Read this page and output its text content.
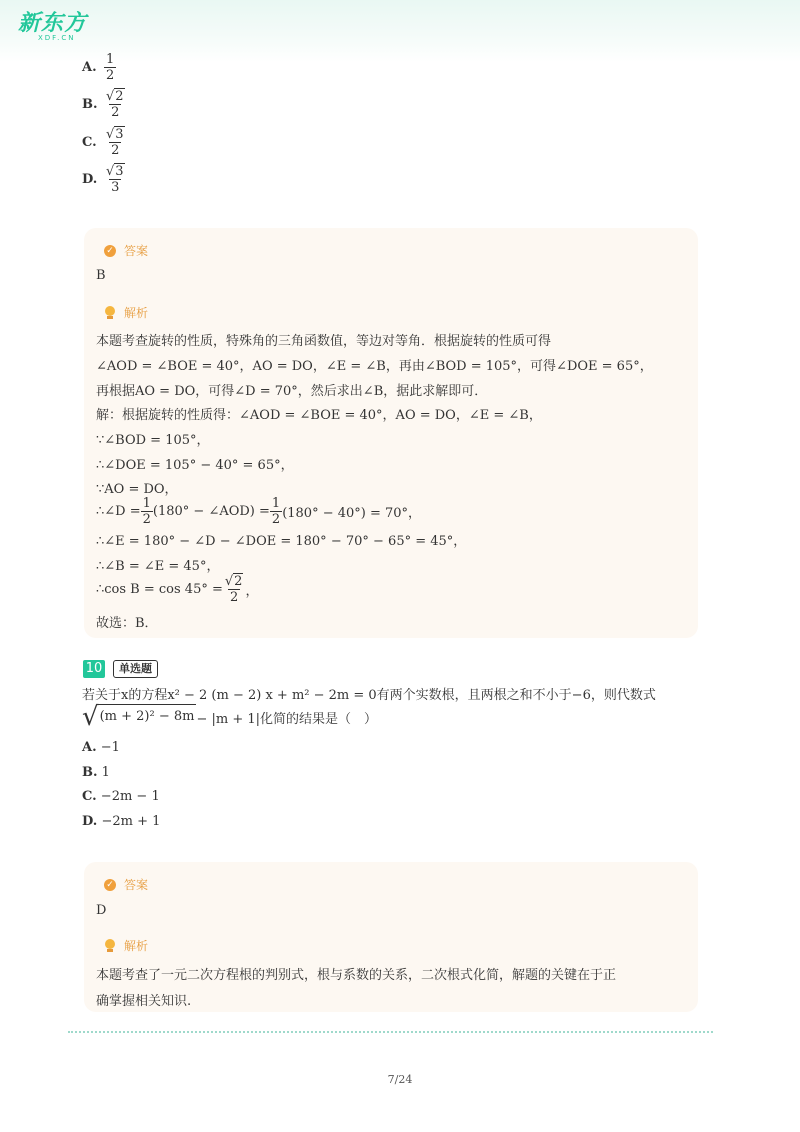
新东方
XDF.CN
A. $\frac{1}{2}$
B. $\frac{√2}{2}$
C. $\frac{√3}{2}$
D. $\frac{√3}{3}$
✓ 答案
B
解析
本题考查旋转的性质，特殊角的三角函数值，等边对等角．根据旋转的性质可得
∠AOD = ∠BOE = 40°，AO = DO，∠E = ∠B，再由∠BOD = 105°，可得∠DOE = 65°，
再根据AO = DO，可得∠D = 70°，然后求出∠B，据此求解即可．
解：根据旋转的性质得：∠AOD = ∠BOE = 40°，AO = DO，∠E = ∠B，
∵∠BOD = 105°，
∴∠DOE = 105° − 40° = 65°，
∵AO = DO，
∴∠D = $\frac{1}{2} (180^\circ$ − ∠AOD) = $\frac{1}{2} (180^\circ - 40^\circ) = 70^\circ$，
∴∠E = 180° − ∠D − ∠DOE = 180° − 70° − 65° = 45°，
∴∠B = ∠E = 45°，
∴cos $B = \cos 45^\circ = \frac{√2}{2}$ ，
故选：B．
10	单选题
若关于x的方程x² − 2 (m − 2) x + m² − 2m = 0有两个实数根，且两根之和不小于−6，则代数式
√ (m + 2)² − 8m − |m + 1|化简的结果是（　）
A. −1
B. 1
C. −2m − 1
D. −2m + 1
✓ 答案
D
解析
本题考查了一元二次方程根的判别式，根与系数的关系，二次根式化简，解题的关键在于正
确掌握相关知识.
7/24
